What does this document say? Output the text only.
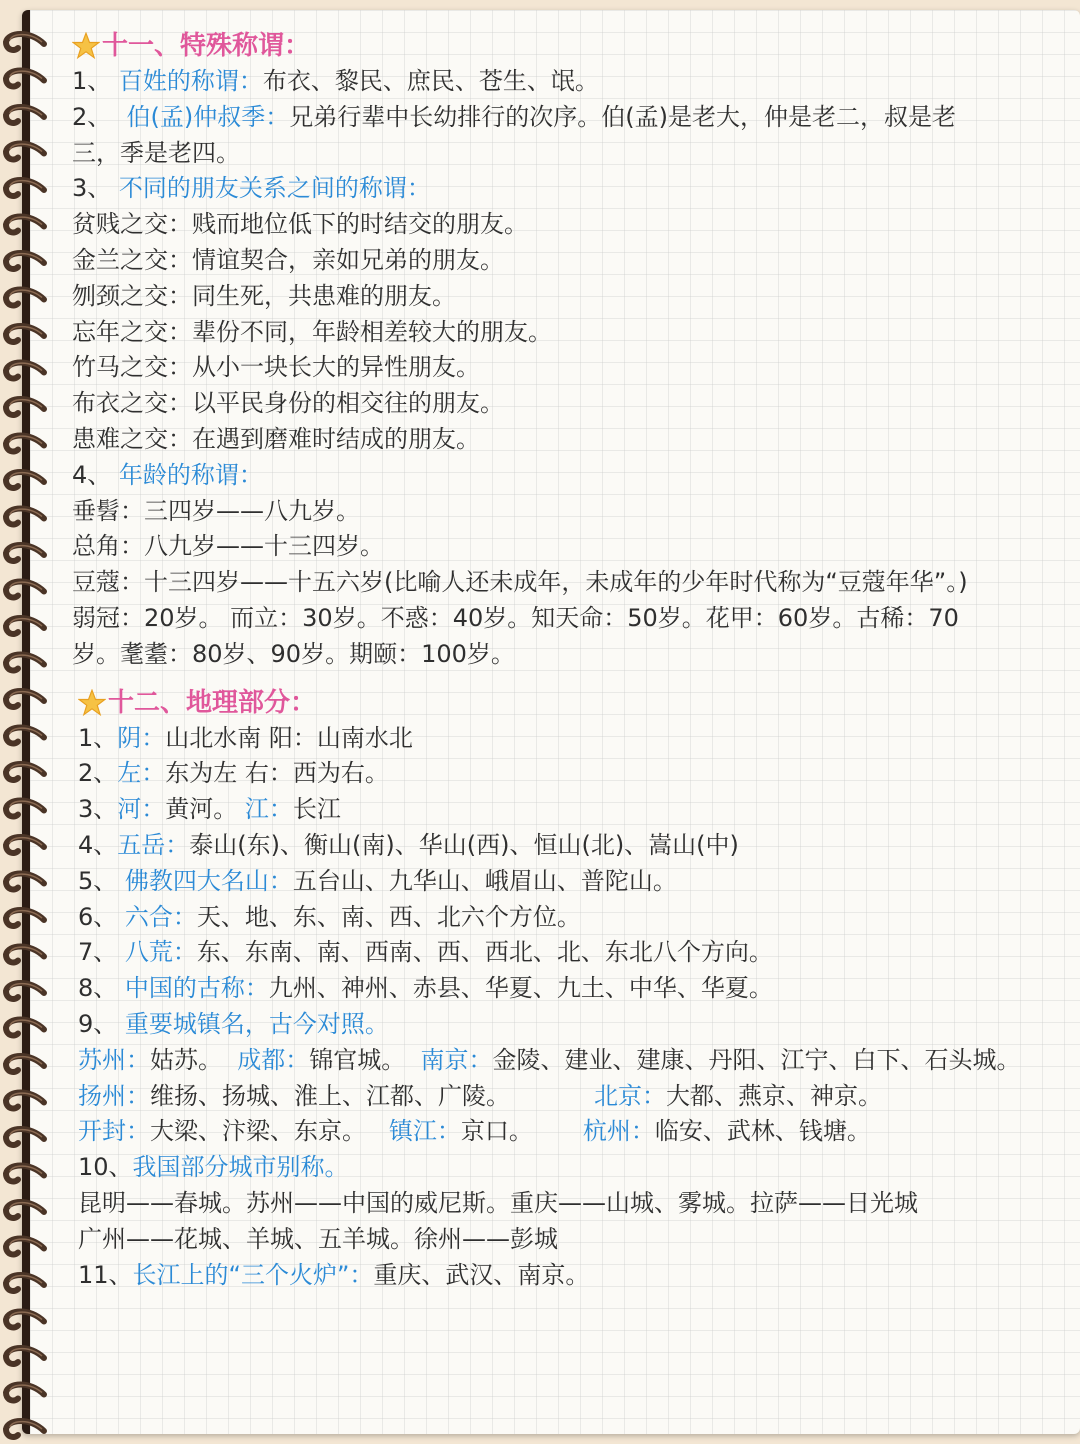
十一、特殊称谓：
1、 百姓的称谓：布衣、黎民、庶民、苍生、氓。
2、 伯(孟)仲叔季：兄弟行辈中长幼排行的次序。伯(孟)是老大，仲是老二，叔是老三，季是老四。
3、 不同的朋友关系之间的称谓：
贫贱之交：贱而地位低下的时结交的朋友。
金兰之交：情谊契合，亲如兄弟的朋友。
刎颈之交：同生死，共患难的朋友。
忘年之交：辈份不同，年龄相差较大的朋友。
竹马之交：从小一块长大的异性朋友。
布衣之交：以平民身份的相交往的朋友。
患难之交：在遇到磨难时结成的朋友。
4、 年龄的称谓：
垂髫：三四岁——八九岁。
总角：八九岁——十三四岁。
豆蔻：十三四岁——十五六岁(比喻人还未成年，未成年的少年时代称为“豆蔻年华”。)
弱冠：20岁。 而立：30岁。不惑：40岁。知天命：50岁。花甲：60岁。古稀：70岁。耄耋：80岁、90岁。期颐：100岁。
十二、地理部分：
1、阴：山北水南 阳：山南水北
2、左：东为左 右：西为右。
3、河：黄河。 江：长江
4、五岳：泰山(东)、衡山(南)、华山(西)、恒山(北)、嵩山(中)
5、 佛教四大名山：五台山、九华山、峨眉山、普陀山。
6、 六合：天、地、东、南、西、北六个方位。
7、 八荒：东、东南、南、西南、西、西北、北、东北八个方向。
8、 中国的古称：九州、神州、赤县、华夏、九土、中华、华夏。
9、 重要城镇名，古今对照。
苏州：姑苏。 成都：锦官城。 南京：金陵、建业、建康、丹阳、江宁、白下、石头城。
扬州：维扬、扬城、淮上、江都、广陵。	北京：大都、燕京、神京。
开封：大梁、汴梁、东京。 镇江：京口。 杭州：临安、武林、钱塘。
10、我国部分城市别称。
昆明——春城。苏州——中国的威尼斯。重庆——山城、雾城。拉萨——日光城
广州——花城、羊城、五羊城。徐州——彭城
11、长江上的“三个火炉”：重庆、武汉、南京。
